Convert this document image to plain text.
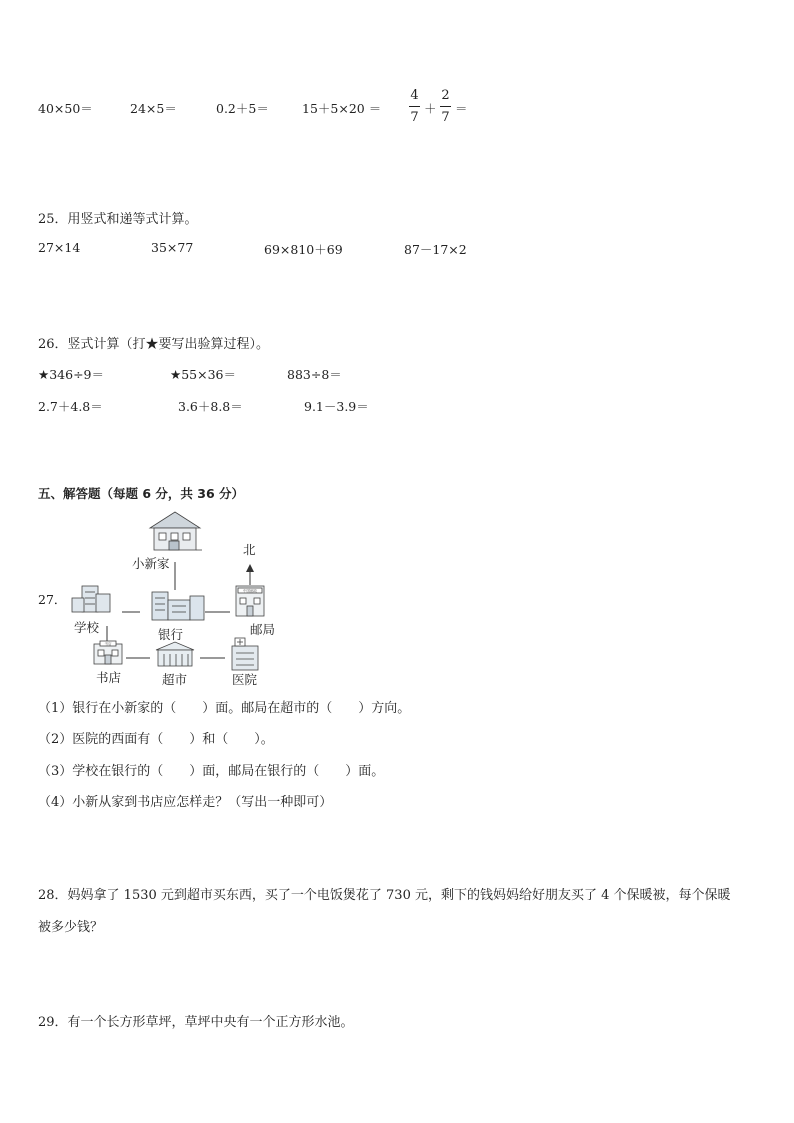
40×50＝	24×5＝	0.2＋5＝	15＋5×20 ＝
4
7
＋
2
7
＝
25．用竖式和递等式计算。
27×14	35×77	69×810＋69	87－17×2
26．竖式计算（打★要写出验算过程）。
★346÷9＝	★55×36＝	883÷8＝
2.7＋4.8＝	3.6＋8.8＝	9.1－3.9＝
五、解答题（每题 6 分，共 36 分）
27．
中国邮政
书店
小新家
北
学校	银行	邮局
书店	超市	医院
（1）银行在小新家的（　　）面。邮局在超市的（　　）方向。
（2）医院的西面有（　　）和（　　）。
（3）学校在银行的（　　）面，邮局在银行的（　　）面。
（4）小新从家到书店应怎样走？（写出一种即可）
28．妈妈拿了 1530 元到超市买东西，买了一个电饭煲花了 730 元，剩下的钱妈妈给好朋友买了 4 个保暖被，每个保暖
被多少钱？
29．有一个长方形草坪，草坪中央有一个正方形水池。
